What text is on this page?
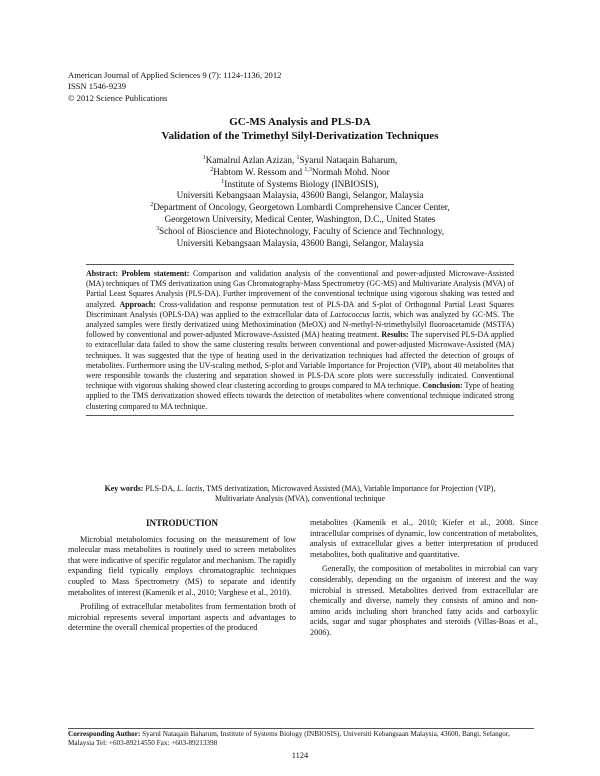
American Journal of Applied Sciences 9 (7): 1124-1136, 2012
ISSN 1546-9239
© 2012 Science Publications
GC-MS Analysis and PLS-DA
Validation of the Trimethyl Silyl-Derivatization Techniques
$^1$Kamalrul Azlan Azizan, $^1$Syarul Nataqain Baharum,
$^2$Habtom W. Ressom and $^{1,3}$Normah Mohd. Noor
$^1$Institute of Systems Biology (INBIOSIS),
Universiti Kebangsaan Malaysia, 43600 Bangi, Selangor, Malaysia
$^2$Department of Oncology, Georgetown Lombardi Comprehensive Cancer Center,
Georgetown University, Medical Center, Washington, D.C., United States
$^3$School of Bioscience and Biotechnology, Faculty of Science and Technology,
Universiti Kebangsaan Malaysia, 43600 Bangi, Selangor, Malaysia
Abstract: Problem statement: Comparison and validation analysis of the conventional and power-adjusted Microwave-Assisted (MA) techniques of TMS derivatization using Gas Chromatography-Mass Spectrometry (GC-MS) and Multivariate Analysis (MVA) of Partial Least Squares Analysis (PLS-DA). Further improvement of the conventional technique using vigorous shaking was tested and analyzed. Approach: Cross-validation and response permutation test of PLS-DA and S-plot of Orthogonal Partial Least Squares Discriminant Analysis (OPLS-DA) was applied to the extracellular data of Lactococcus lactis, which was analyzed by GC-MS. The analyzed samples were firstly derivatized using Methoximination (MeOX) and N-methyl-N-trimethylsilyl fluoroacetamide (MSTFA) followed by conventional and power-adjusted Microwave-Assisted (MA) heating treatment. Results: The supervised PLS-DA applied to extracellular data failed to show the same clustering results between conventional and power-adjusted Microwave-Assisted (MA) techniques. It was suggested that the type of heating used in the derivatization techniques had affected the detection of groups of metabolites. Furthermore using the UV-scaling method, S-plot and Variable Importance for Projection (VIP), about 40 metabolites that were responsible towards the clustering and separation showed in PLS-DA score plots were successfully indicated. Conventional technique with vigorous shaking showed clear clustering according to groups compared to MA technique. Conclusion: Type of heating applied to the TMS derivatization showed effects towards the detection of metabolites where conventional technique indicated strong clustering compared to MA technique.
Key words: PLS-DA, L. lactis, TMS derivatization, Microwaved Assisted (MA), Variable Importance for Projection (VIP), Multivariate Analysis (MVA), conventional technique
INTRODUCTION

Microbial metabolomics focusing on the measurement of low molecular mass metabolites is routinely used to screen metabolites that were indicative of specific regulator and mechanism. The rapidly expanding field typically employs chromatographic techniques coupled to Mass Spectrometry (MS) to separate and identify metabolites of interest (Kamenik et al., 2010; Varghese et al., 2010).

Profiling of extracellular metabolites from fermentation broth of microbial represents several important aspects and advantages to determine the overall chemical properties of the produced

metabolites (Kamenik et al., 2010; Kiefer et al., 2008. Since intracellular comprises of dynamic, low concentration of metabolites, analysis of extracellular gives a better interpretation of produced metabolites, both qualitative and quantitative.

Generally, the composition of metabolites in microbial can vary considerably, depending on the organism of interest and the way microbial is stressed. Metabolites derived from extracellular are chemically and diverse, namely they consists of amino and non-amino acids including short branched fatty acids and carboxylic acids, sugar and sugar phosphates and steroids (Villas-Boas et al., 2006).

Corresponding Author: Syarul Nataqain Baharum, Institute of Systems Biology (INBIOSIS), Universiti Kebangsaan Malaysia, 43600, Bangi, Selangor, Malaysia Tel: +603-89214550 Fax: +603-89213398
1124
